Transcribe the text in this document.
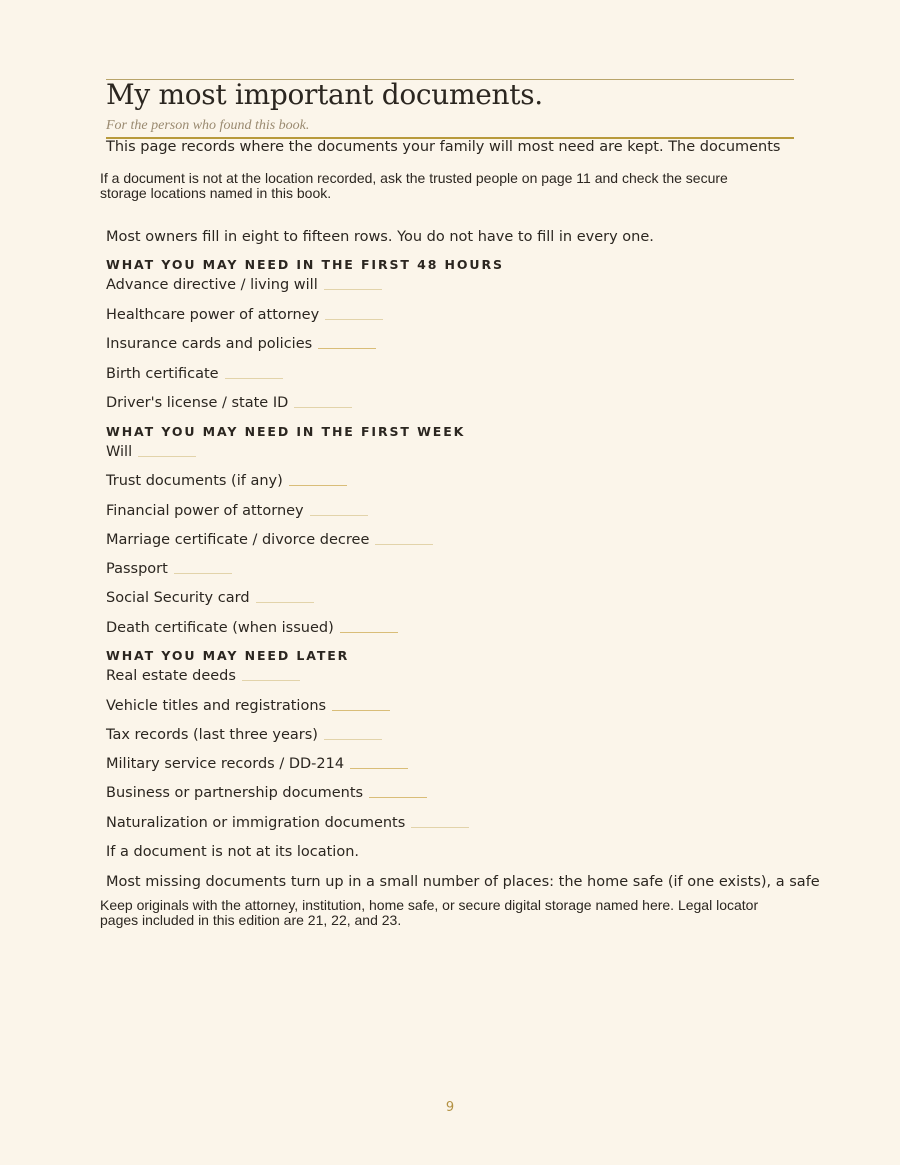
My most important documents.
For the person who found this book.
This page records where the documents your family will most need are kept. The documents
If a document is not at the location recorded, ask the trusted people on page 11 and check the secure
storage locations named in this book.
Most owners fill in eight to fifteen rows. You do not have to fill in every one.
WHAT YOU MAY NEED IN THE FIRST 48 HOURS
Advance directive / living will
Healthcare power of attorney
Insurance cards and policies
Birth certificate
Driver's license / state ID
WHAT YOU MAY NEED IN THE FIRST WEEK
Will
Trust documents (if any)
Financial power of attorney
Marriage certificate / divorce decree
Passport
Social Security card
Death certificate (when issued)
WHAT YOU MAY NEED LATER
Real estate deeds
Vehicle titles and registrations
Tax records (last three years)
Military service records / DD-214
Business or partnership documents
Naturalization or immigration documents
If a document is not at its location.
Most missing documents turn up in a small number of places: the home safe (if one exists), a safe
Keep originals with the attorney, institution, home safe, or secure digital storage named here. Legal locator
pages included in this edition are 21, 22, and 23.
9
